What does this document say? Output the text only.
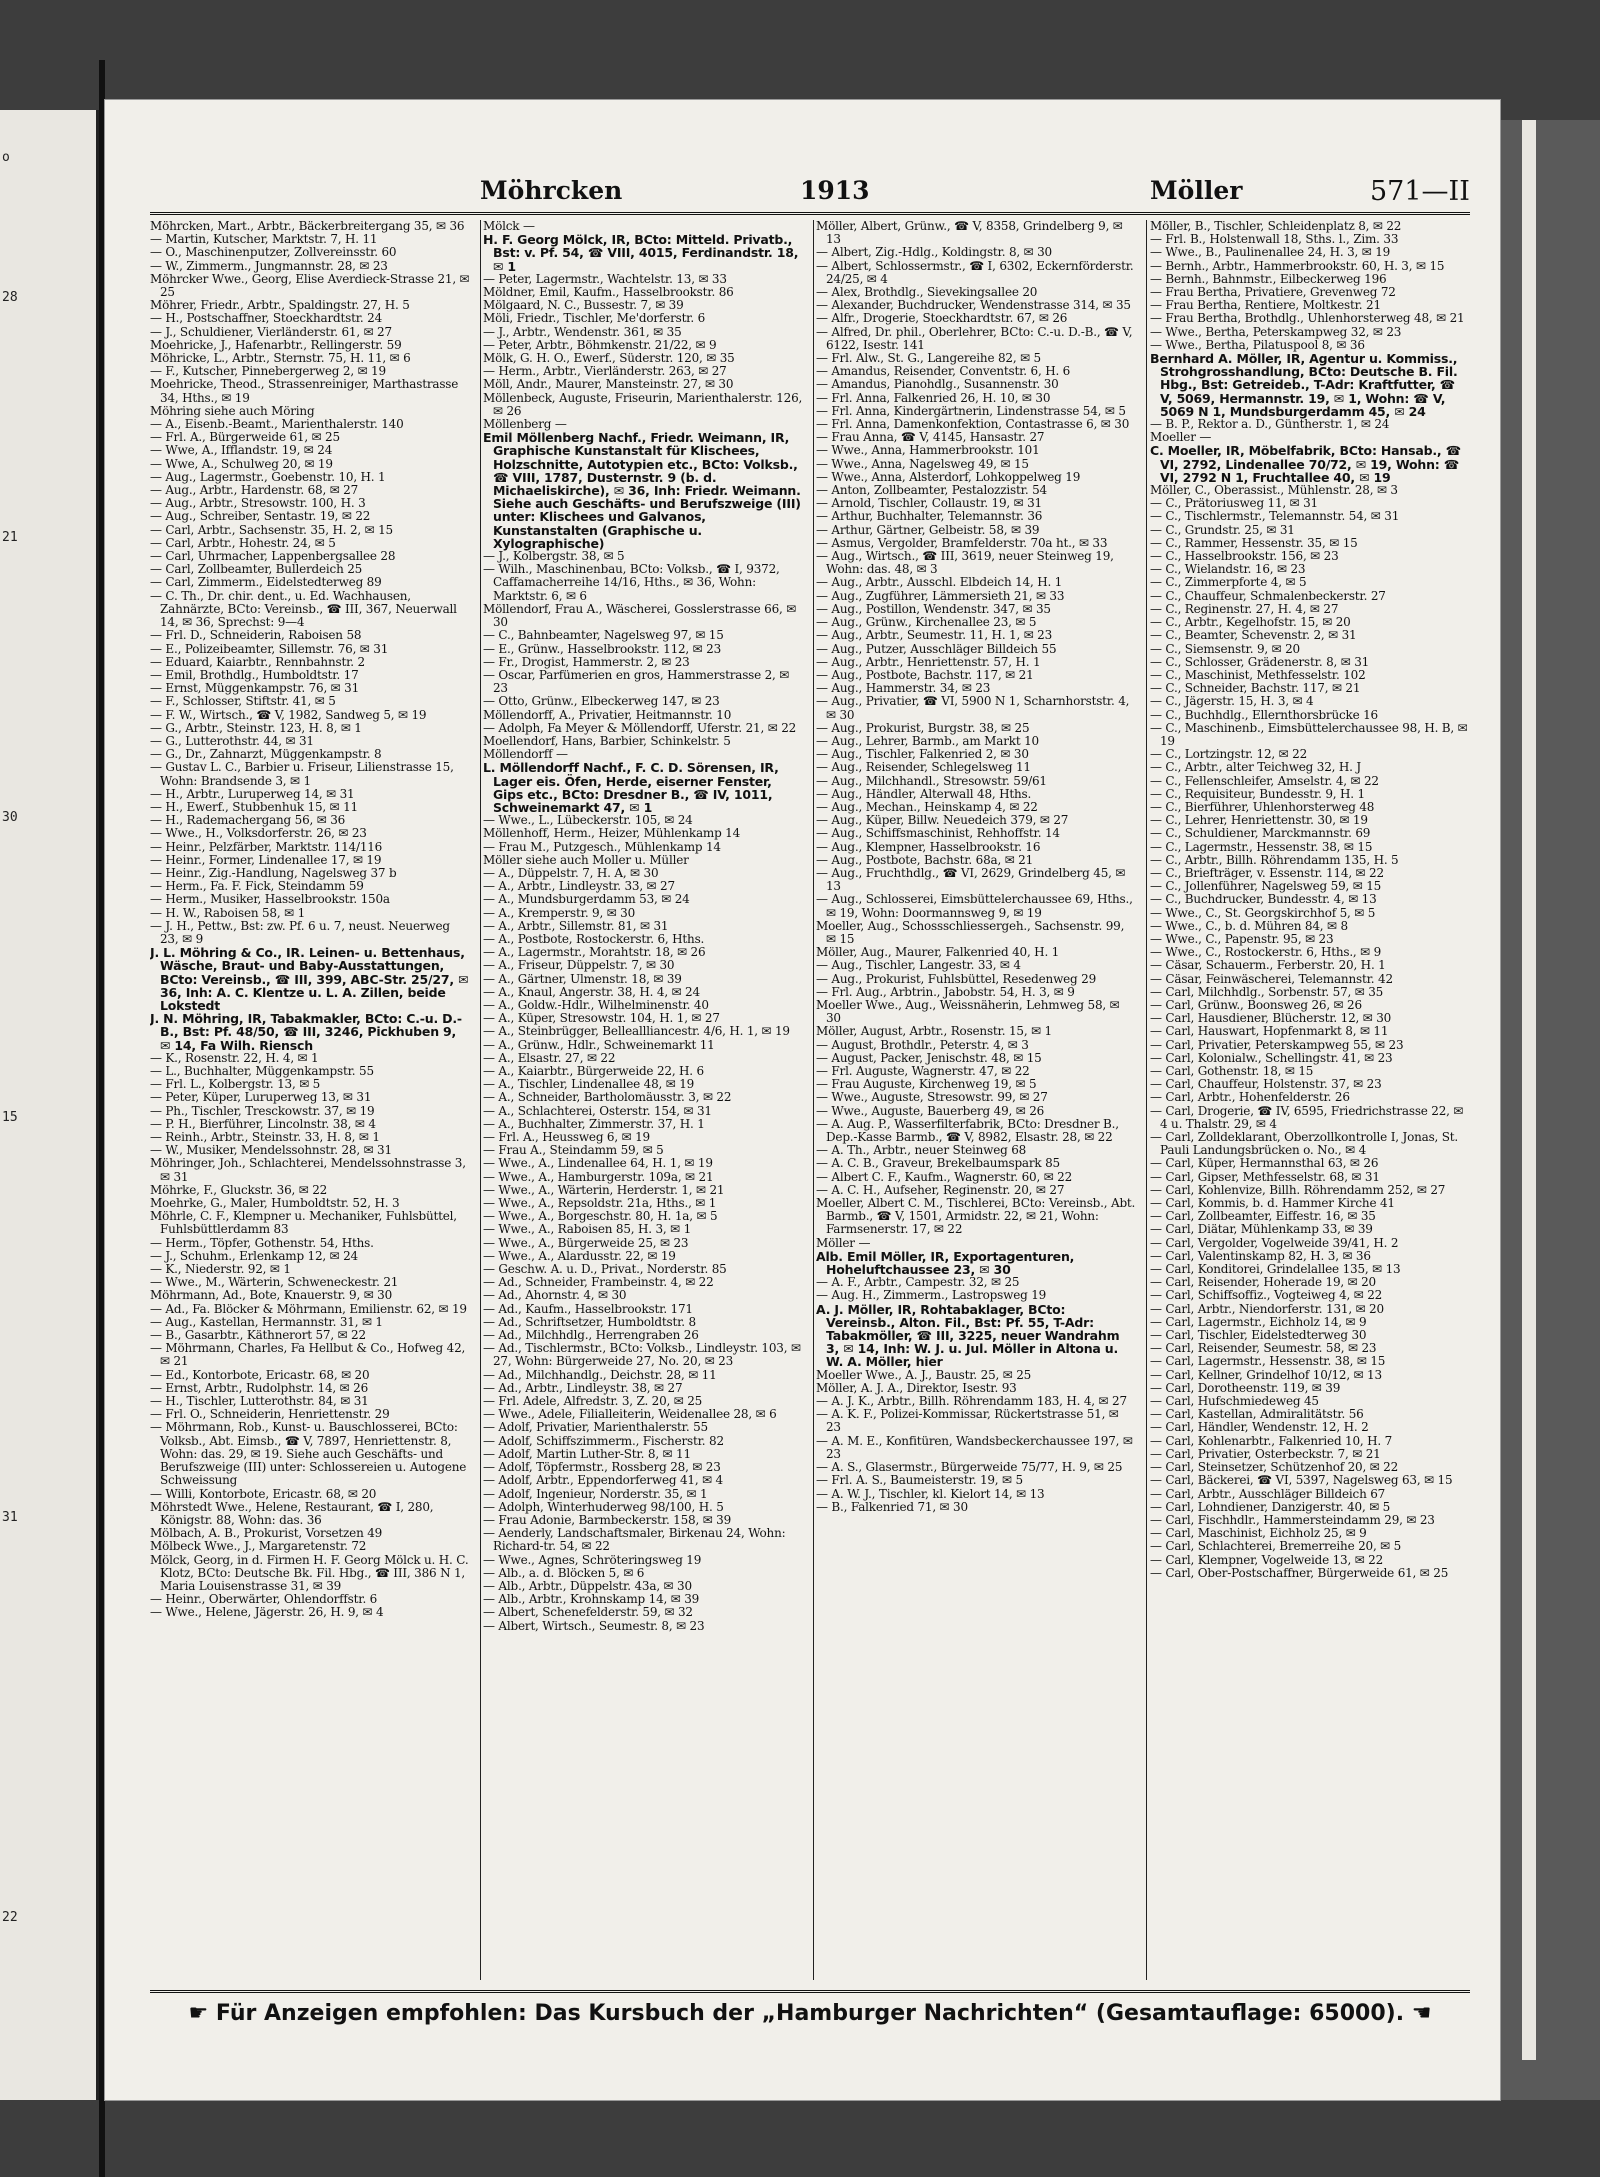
o
28
21
30
15
31
22
Möhrcken	1913	Möller	571—II
Möhrcken, Mart., Arbtr., Bäckerbreitergang 35, ✉ 36
— Martin, Kutscher, Marktstr. 7, H. 11
— O., Maschinenputzer, Zollvereinsstr. 60
— W., Zimmerm., Jungmannstr. 28, ✉ 23
Möhrcker Wwe., Georg, Elise Averdieck-Strasse 21, ✉ 25
Möhrer, Friedr., Arbtr., Spaldingstr. 27, H. 5
— H., Postschaffner, Stoeckhardtstr. 24
— J., Schuldiener, Vierländerstr. 61, ✉ 27
Moehricke, J., Hafenarbtr., Rellingerstr. 59
Möhricke, L., Arbtr., Sternstr. 75, H. 11, ✉ 6
— F., Kutscher, Pinnebergerweg 2, ✉ 19
Moehricke, Theod., Strassenreiniger, Marthastrasse 34, Hths., ✉ 19
Möhring siehe auch Möring
— A., Eisenb.-Beamt., Marienthalerstr. 140
— Frl. A., Bürgerweide 61, ✉ 25
— Wwe, A., Ifflandstr. 19, ✉ 24
— Wwe, A., Schulweg 20, ✉ 19
— Aug., Lagermstr., Goebenstr. 10, H. 1
— Aug., Arbtr., Hardenstr. 68, ✉ 27
— Aug., Arbtr., Stresowstr. 100, H. 3
— Aug., Schreiber, Sentastr. 19, ✉ 22
— Carl, Arbtr., Sachsenstr. 35, H. 2, ✉ 15
— Carl, Arbtr., Hohestr. 24, ✉ 5
— Carl, Uhrmacher, Lappenbergsallee 28
— Carl, Zollbeamter, Bullerdeich 25
— Carl, Zimmerm., Eidelstedterweg 89
— C. Th., Dr. chir. dent., u. Ed. Wachhausen, Zahnärzte, BCto: Vereinsb., ☎ III, 367, Neuerwall 14, ✉ 36, Sprechst: 9—4
— Frl. D., Schneiderin, Raboisen 58
— E., Polizeibeamter, Sillemstr. 76, ✉ 31
— Eduard, Kaiarbtr., Rennbahnstr. 2
— Emil, Brothdlg., Humboldtstr. 17
— Ernst, Müggenkampstr. 76, ✉ 31
— F., Schlosser, Stiftstr. 41, ✉ 5
— F. W., Wirtsch., ☎ V, 1982, Sandweg 5, ✉ 19
— G., Arbtr., Steinstr. 123, H. 8, ✉ 1
— G., Lutterothstr. 44, ✉ 31
— G., Dr., Zahnarzt, Müggenkampstr. 8
— Gustav L. C., Barbier u. Friseur, Lilienstrasse 15, Wohn: Brandsende 3, ✉ 1
— H., Arbtr., Luruperweg 14, ✉ 31
— H., Ewerf., Stubbenhuk 15, ✉ 11
— H., Rademachergang 56, ✉ 36
— Wwe., H., Volksdorferstr. 26, ✉ 23
— Heinr., Pelzfärber, Marktstr. 114/116
— Heinr., Former, Lindenallee 17, ✉ 19
— Heinr., Zig.-Handlung, Nagelsweg 37 b
— Herm., Fa. F. Fick, Steindamm 59
— Herm., Musiker, Hasselbrookstr. 150a
— H. W., Raboisen 58, ✉ 1
— J. H., Pettw., Bst: zw. Pf. 6 u. 7, neust. Neuerweg 23, ✉ 9
J. L. Möhring & Co., IR. Leinen- u. Bettenhaus, Wäsche, Braut- und Baby-Ausstattungen, BCto: Vereinsb., ☎ III, 399, ABC-Str. 25/27, ✉ 36, Inh: A. C. Klentze u. L. A. Zillen, beide Lokstedt
J. N. Möhring, IR, Tabakmakler, BCto: C.-u. D.-B., Bst: Pf. 48/50, ☎ III, 3246, Pickhuben 9, ✉ 14, Fa Wilh. Riensch
— K., Rosenstr. 22, H. 4, ✉ 1
— L., Buchhalter, Müggenkampstr. 55
— Frl. L., Kolbergstr. 13, ✉ 5
— Peter, Küper, Luruperweg 13, ✉ 31
— Ph., Tischler, Tresckowstr. 37, ✉ 19
— P. H., Bierführer, Lincolnstr. 38, ✉ 4
— Reinh., Arbtr., Steinstr. 33, H. 8, ✉ 1
— W., Musiker, Mendelssohnstr. 28, ✉ 31
Möhringer, Joh., Schlachterei, Mendelssohnstrasse 3, ✉ 31
Möhrke, F., Gluckstr. 36, ✉ 22
Moehrke, G., Maler, Humboldtstr. 52, H. 3
Möhrle, C. F., Klempner u. Mechaniker, Fuhlsbüttel, Fuhlsbüttlerdamm 83
— Herm., Töpfer, Gothenstr. 54, Hths.
— J., Schuhm., Erlenkamp 12, ✉ 24
— K., Niederstr. 92, ✉ 1
— Wwe., M., Wärterin, Schweneckestr. 21
Möhrmann, Ad., Bote, Knauerstr. 9, ✉ 30
— Ad., Fa. Blöcker & Möhrmann, Emilienstr. 62, ✉ 19
— Aug., Kastellan, Hermannstr. 31, ✉ 1
— B., Gasarbtr., Käthnerort 57, ✉ 22
— Möhrmann, Charles, Fa Hellbut & Co., Hofweg 42, ✉ 21
— Ed., Kontorbote, Ericastr. 68, ✉ 20
— Ernst, Arbtr., Rudolphstr. 14, ✉ 26
— H., Tischler, Lutterothstr. 84, ✉ 31
— Frl. O., Schneiderin, Henriettenstr. 29
— Möhrmann, Rob., Kunst- u. Bauschlosserei, BCto: Volksb., Abt. Eimsb., ☎ V, 7897, Henriettenstr. 8, Wohn: das. 29, ✉ 19. Siehe auch Geschäfts- und Berufszweige (III) unter: Schlossereien u. Autogene Schweissung
— Willi, Kontorbote, Ericastr. 68, ✉ 20
Möhrstedt Wwe., Helene, Restaurant, ☎ I, 280, Königstr. 88, Wohn: das. 36
Mölbach, A. B., Prokurist, Vorsetzen 49
Mölbeck Wwe., J., Margaretenstr. 72
Mölck, Georg, in d. Firmen H. F. Georg Mölck u. H. C. Klotz, BCto: Deutsche Bk. Fil. Hbg., ☎ III, 386 N 1, Maria Louisenstrasse 31, ✉ 39
— Heinr., Oberwärter, Ohlendorffstr. 6
— Wwe., Helene, Jägerstr. 26, H. 9, ✉ 4
Mölck —
H. F. Georg Mölck, IR, BCto: Mitteld. Privatb., Bst: v. Pf. 54, ☎ VIII, 4015, Ferdinandstr. 18, ✉ 1
— Peter, Lagermstr., Wachtelstr. 13, ✉ 33
Möldner, Emil, Kaufm., Hasselbrookstr. 86
Mölgaard, N. C., Bussestr. 7, ✉ 39
Möli, Friedr., Tischler, Me'dorferstr. 6
— J., Arbtr., Wendenstr. 361, ✉ 35
— Peter, Arbtr., Böhmkenstr. 21/22, ✉ 9
Mölk, G. H. O., Ewerf., Süderstr. 120, ✉ 35
— Herm., Arbtr., Vierländerstr. 263, ✉ 27
Möll, Andr., Maurer, Mansteinstr. 27, ✉ 30
Möllenbeck, Auguste, Friseurin, Marienthalerstr. 126, ✉ 26
Möllenberg —
Emil Möllenberg Nachf., Friedr. Weimann, IR, Graphische Kunstanstalt für Klischees, Holzschnitte, Autotypien etc., BCto: Volksb., ☎ VIII, 1787, Dusternstr. 9 (b. d. Michaeliskirche), ✉ 36, Inh: Friedr. Weimann. Siehe auch Geschäfts- und Berufszweige (III) unter: Klischees und Galvanos, Kunstanstalten (Graphische u. Xylographische)
— J., Kolbergstr. 38, ✉ 5
— Wilh., Maschinenbau, BCto: Volksb., ☎ I, 9372, Caffamacherreihe 14/16, Hths., ✉ 36, Wohn: Marktstr. 6, ✉ 6
Möllendorf, Frau A., Wäscherei, Gosslerstrasse 66, ✉ 30
— C., Bahnbeamter, Nagelsweg 97, ✉ 15
— E., Grünw., Hasselbrookstr. 112, ✉ 23
— Fr., Drogist, Hammerstr. 2, ✉ 23
— Oscar, Parfümerien en gros, Hammerstrasse 2, ✉ 23
— Otto, Grünw., Elbeckerweg 147, ✉ 23
Möllendorff, A., Privatier, Heitmannstr. 10
— Adolph, Fa Meyer & Möllendorff, Uferstr. 21, ✉ 22
Moellendorf, Hans, Barbier, Schinkelstr. 5
Möllendorff —
L. Möllendorff Nachf., F. C. D. Sörensen, IR, Lager eis. Öfen, Herde, eiserner Fenster, Gips etc., BCto: Dresdner B., ☎ IV, 1011, Schweinemarkt 47, ✉ 1
— Wwe., L., Lübeckerstr. 105, ✉ 24
Möllenhoff, Herm., Heizer, Mühlenkamp 14
— Frau M., Putzgesch., Mühlenkamp 14
Möller siehe auch Moller u. Müller
— A., Düppelstr. 7, H. A, ✉ 30
— A., Arbtr., Lindleystr. 33, ✉ 27
— A., Mundsburgerdamm 53, ✉ 24
— A., Kremperstr. 9, ✉ 30
— A., Arbtr., Sillemstr. 81, ✉ 31
— A., Postbote, Rostockerstr. 6, Hths.
— A., Lagermstr., Morahtstr. 18, ✉ 26
— A., Friseur, Düppelstr. 7, ✉ 30
— A., Gärtner, Ulmenstr. 18, ✉ 39
— A., Knaul, Angerstr. 38, H. 4, ✉ 24
— A., Goldw.-Hdlr., Wilhelminenstr. 40
— A., Küper, Stresowstr. 104, H. 1, ✉ 27
— A., Steinbrügger, Belleallliancestr. 4/6, H. 1, ✉ 19
— A., Grünw., Hdlr., Schweinemarkt 11
— A., Elsastr. 27, ✉ 22
— A., Kaiarbtr., Bürgerweide 22, H. 6
— A., Tischler, Lindenallee 48, ✉ 19
— A., Schneider, Bartholomäusstr. 3, ✉ 22
— A., Schlachterei, Osterstr. 154, ✉ 31
— A., Buchhalter, Zimmerstr. 37, H. 1
— Frl. A., Heussweg 6, ✉ 19
— Frau A., Steindamm 59, ✉ 5
— Wwe., A., Lindenallee 64, H. 1, ✉ 19
— Wwe., A., Hamburgerstr. 109a, ✉ 21
— Wwe., A., Wärterin, Herderstr. 1, ✉ 21
— Wwe., A., Repsoldstr. 21a, Hths., ✉ 1
— Wwe., A., Borgeschstr. 80, H. 1a, ✉ 5
— Wwe., A., Raboisen 85, H. 3, ✉ 1
— Wwe., A., Bürgerweide 25, ✉ 23
— Wwe., A., Alardusstr. 22, ✉ 19
— Geschw. A. u. D., Privat., Norderstr. 85
— Ad., Schneider, Frambeinstr. 4, ✉ 22
— Ad., Ahornstr. 4, ✉ 30
— Ad., Kaufm., Hasselbrookstr. 171
— Ad., Schriftsetzer, Humboldtstr. 8
— Ad., Milchhdlg., Herrengraben 26
— Ad., Tischlermstr., BCto: Volksb., Lindleystr. 103, ✉ 27, Wohn: Bürgerweide 27, No. 20, ✉ 23
— Ad., Milchhandlg., Deichstr. 28, ✉ 11
— Ad., Arbtr., Lindleystr. 38, ✉ 27
— Frl. Adele, Alfredstr. 3, Z. 20, ✉ 25
— Wwe., Adele, Filialleiterin, Weidenallee 28, ✉ 6
— Adolf, Privatier, Marienthalerstr. 55
— Adolf, Schiffszimmerm., Fischerstr. 82
— Adolf, Martin Luther-Str. 8, ✉ 11
— Adolf, Töpfermstr., Rossberg 28, ✉ 23
— Adolf, Arbtr., Eppendorferweg 41, ✉ 4
— Adolf, Ingenieur, Norderstr. 35, ✉ 1
— Adolph, Winterhuderweg 98/100, H. 5
— Frau Adonie, Barmbeckerstr. 158, ✉ 39
— Aenderly, Landschaftsmaler, Birkenau 24, Wohn: Richard-tr. 54, ✉ 22
— Wwe., Agnes, Schröteringsweg 19
— Alb., a. d. Blöcken 5, ✉ 6
— Alb., Arbtr., Düppelstr. 43a, ✉ 30
— Alb., Arbtr., Krohnskamp 14, ✉ 39
— Albert, Schenefelderstr. 59, ✉ 32
— Albert, Wirtsch., Seumestr. 8, ✉ 23
Möller, Albert, Grünw., ☎ V, 8358, Grindelberg 9, ✉ 13
— Albert, Zig.-Hdlg., Koldingstr. 8, ✉ 30
— Albert, Schlossermstr., ☎ I, 6302, Eckernförderstr. 24/25, ✉ 4
— Alex, Brothdlg., Sievekingsallee 20
— Alexander, Buchdrucker, Wendenstrasse 314, ✉ 35
— Alfr., Drogerie, Stoeckhardtstr. 67, ✉ 26
— Alfred, Dr. phil., Oberlehrer, BCto: C.-u. D.-B., ☎ V, 6122, Isestr. 141
— Frl. Alw., St. G., Langereihe 82, ✉ 5
— Amandus, Reisender, Conventstr. 6, H. 6
— Amandus, Pianohdlg., Susannenstr. 30
— Frl. Anna, Falkenried 26, H. 10, ✉ 30
— Frl. Anna, Kindergärtnerin, Lindenstrasse 54, ✉ 5
— Frl. Anna, Damenkonfektion, Contastrasse 6, ✉ 30
— Frau Anna, ☎ V, 4145, Hansastr. 27
— Wwe., Anna, Hammerbrookstr. 101
— Wwe., Anna, Nagelsweg 49, ✉ 15
— Wwe., Anna, Alsterdorf, Lohkoppelweg 19
— Anton, Zollbeamter, Pestalozzistr. 54
— Arnold, Tischler, Collaustr. 19, ✉ 31
— Arthur, Buchhalter, Telemannstr. 36
— Arthur, Gärtner, Gelbeistr. 58, ✉ 39
— Asmus, Vergolder, Bramfelderstr. 70a ht., ✉ 33
— Aug., Wirtsch., ☎ III, 3619, neuer Steinweg 19, Wohn: das. 48, ✉ 3
— Aug., Arbtr., Ausschl. Elbdeich 14, H. 1
— Aug., Zugführer, Lämmersieth 21, ✉ 33
— Aug., Postillon, Wendenstr. 347, ✉ 35
— Aug., Grünw., Kirchenallee 23, ✉ 5
— Aug., Arbtr., Seumestr. 11, H. 1, ✉ 23
— Aug., Putzer, Ausschläger Billdeich 55
— Aug., Arbtr., Henriettenstr. 57, H. 1
— Aug., Postbote, Bachstr. 117, ✉ 21
— Aug., Hammerstr. 34, ✉ 23
— Aug., Privatier, ☎ VI, 5900 N 1, Scharnhorststr. 4, ✉ 30
— Aug., Prokurist, Burgstr. 38, ✉ 25
— Aug., Lehrer, Barmb., am Markt 10
— Aug., Tischler, Falkenried 2, ✉ 30
— Aug., Reisender, Schlegelsweg 11
— Aug., Milchhandl., Stresowstr. 59/61
— Aug., Händler, Alterwall 48, Hths.
— Aug., Mechan., Heinskamp 4, ✉ 22
— Aug., Küper, Billw. Neuedeich 379, ✉ 27
— Aug., Schiffsmaschinist, Rehhoffstr. 14
— Aug., Klempner, Hasselbrookstr. 16
— Aug., Postbote, Bachstr. 68a, ✉ 21
— Aug., Fruchthdlg., ☎ VI, 2629, Grindelberg 45, ✉ 13
— Aug., Schlosserei, Eimsbüttelerchaussee 69, Hths., ✉ 19, Wohn: Doormannsweg 9, ✉ 19
Moeller, Aug., Schossschliessergeh., Sachsenstr. 99, ✉ 15
Möller, Aug., Maurer, Falkenried 40, H. 1
— Aug., Tischler, Langestr. 33, ✉ 4
— Aug., Prokurist, Fuhlsbüttel, Resedenweg 29
— Frl. Aug., Arbtrin., Jabobstr. 54, H. 3, ✉ 9
Moeller Wwe., Aug., Weissnäherin, Lehmweg 58, ✉ 30
Möller, August, Arbtr., Rosenstr. 15, ✉ 1
— August, Brothdlr., Peterstr. 4, ✉ 3
— August, Packer, Jenischstr. 48, ✉ 15
— Frl. Auguste, Wagnerstr. 47, ✉ 22
— Frau Auguste, Kirchenweg 19, ✉ 5
— Wwe., Auguste, Stresowstr. 99, ✉ 27
— Wwe., Auguste, Bauerberg 49, ✉ 26
— A. Aug. P., Wasserfilterfabrik, BCto: Dresdner B., Dep.-Kasse Barmb., ☎ V, 8982, Elsastr. 28, ✉ 22
— A. Th., Arbtr., neuer Steinweg 68
— A. C. B., Graveur, Brekelbaumspark 85
— Albert C. F., Kaufm., Wagnerstr. 60, ✉ 22
— A. C. H., Aufseher, Reginenstr. 20, ✉ 27
Moeller, Albert C. M., Tischlerei, BCto: Vereinsb., Abt. Barmb., ☎ V, 1501, Armidstr. 22, ✉ 21, Wohn: Farmsenerstr. 17, ✉ 22
Möller —
Alb. Emil Möller, IR, Exportagenturen, Hoheluftchaussee 23, ✉ 30
— A. F., Arbtr., Campestr. 32, ✉ 25
— Aug. H., Zimmerm., Lastropsweg 19
A. J. Möller, IR, Rohtabaklager, BCto: Vereinsb., Alton. Fil., Bst: Pf. 55, T-Adr: Tabakmöller, ☎ III, 3225, neuer Wandrahm 3, ✉ 14, Inh: W. J. u. Jul. Möller in Altona u. W. A. Möller, hier
Moeller Wwe., A. J., Baustr. 25, ✉ 25
Möller, A. J. A., Direktor, Isestr. 93
— A. J. K., Arbtr., Billh. Röhrendamm 183, H. 4, ✉ 27
— A. K. F., Polizei-Kommissar, Rückertstrasse 51, ✉ 23
— A. M. E., Konfitüren, Wandsbeckerchaussee 197, ✉ 23
— A. S., Glasermstr., Bürgerweide 75/77, H. 9, ✉ 25
— Frl. A. S., Baumeisterstr. 19, ✉ 5
— A. W. J., Tischler, kl. Kielort 14, ✉ 13
— B., Falkenried 71, ✉ 30
Möller, B., Tischler, Schleidenplatz 8, ✉ 22
— Frl. B., Holstenwall 18, Sths. l., Zim. 33
— Wwe., B., Paulinenallee 24, H. 3, ✉ 19
— Bernh., Arbtr., Hammerbrookstr. 60, H. 3, ✉ 15
— Bernh., Bahnmstr., Eilbeckerweg 196
— Frau Bertha, Privatiere, Grevenweg 72
— Frau Bertha, Rentiere, Moltkestr. 21
— Frau Bertha, Brothdlg., Uhlenhorsterweg 48, ✉ 21
— Wwe., Bertha, Peterskampweg 32, ✉ 23
— Wwe., Bertha, Pilatuspool 8, ✉ 36
Bernhard A. Möller, IR, Agentur u. Kommiss., Strohgrosshandlung, BCto: Deutsche B. Fil. Hbg., Bst: Getreideb., T-Adr: Kraftfutter, ☎ V, 5069, Hermannstr. 19, ✉ 1, Wohn: ☎ V, 5069 N 1, Mundsburgerdamm 45, ✉ 24
— B. P., Rektor a. D., Güntherstr. 1, ✉ 24
Moeller —
C. Moeller, IR, Möbelfabrik, BCto: Hansab., ☎ VI, 2792, Lindenallee 70/72, ✉ 19, Wohn: ☎ VI, 2792 N 1, Fruchtallee 40, ✉ 19
Möller, C., Oberassist., Mühlenstr. 28, ✉ 3
— C., Prätoriusweg 11, ✉ 31
— C., Tischlermstr., Telemannstr. 54, ✉ 31
— C., Grundstr. 25, ✉ 31
— C., Rammer, Hessenstr. 35, ✉ 15
— C., Hasselbrookstr. 156, ✉ 23
— C., Wielandstr. 16, ✉ 23
— C., Zimmerpforte 4, ✉ 5
— C., Chauffeur, Schmalenbeckerstr. 27
— C., Reginenstr. 27, H. 4, ✉ 27
— C., Arbtr., Kegelhofstr. 15, ✉ 20
— C., Beamter, Schevenstr. 2, ✉ 31
— C., Siemsenstr. 9, ✉ 20
— C., Schlosser, Grädenerstr. 8, ✉ 31
— C., Maschinist, Methfesselstr. 102
— C., Schneider, Bachstr. 117, ✉ 21
— C., Jägerstr. 15, H. 3, ✉ 4
— C., Buchhdlg., Ellernthorsbrücke 16
— C., Maschinenb., Eimsbüttelerchaussee 98, H. B, ✉ 19
— C., Lortzingstr. 12, ✉ 22
— C., Arbtr., alter Teichweg 32, H. J
— C., Fellenschleifer, Amselstr. 4, ✉ 22
— C., Requisiteur, Bundesstr. 9, H. 1
— C., Bierführer, Uhlenhorsterweg 48
— C., Lehrer, Henriettenstr. 30, ✉ 19
— C., Schuldiener, Marckmannstr. 69
— C., Lagermstr., Hessenstr. 38, ✉ 15
— C., Arbtr., Billh. Röhrendamm 135, H. 5
— C., Briefträger, v. Essenstr. 114, ✉ 22
— C., Jollenführer, Nagelsweg 59, ✉ 15
— C., Buchdrucker, Bundesstr. 4, ✉ 13
— Wwe., C., St. Georgskirchhof 5, ✉ 5
— Wwe., C., b. d. Mühren 84, ✉ 8
— Wwe., C., Papenstr. 95, ✉ 23
— Wwe., C., Rostockerstr. 6, Hths., ✉ 9
— Cäsar, Schauerm., Ferberstr. 20, H. 1
— Cäsar, Feinwäscherei, Telemannstr. 42
— Carl, Milchhdlg., Sorbenstr. 57, ✉ 35
— Carl, Grünw., Boonsweg 26, ✉ 26
— Carl, Hausdiener, Blücherstr. 12, ✉ 30
— Carl, Hauswart, Hopfenmarkt 8, ✉ 11
— Carl, Privatier, Peterskampweg 55, ✉ 23
— Carl, Kolonialw., Schellingstr. 41, ✉ 23
— Carl, Gothenstr. 18, ✉ 15
— Carl, Chauffeur, Holstenstr. 37, ✉ 23
— Carl, Arbtr., Hohenfelderstr. 26
— Carl, Drogerie, ☎ IV, 6595, Friedrichstrasse 22, ✉ 4 u. Thalstr. 29, ✉ 4
— Carl, Zolldeklarant, Oberzollkontrolle I, Jonas, St. Pauli Landungsbrücken o. No., ✉ 4
— Carl, Küper, Hermannsthal 63, ✉ 26
— Carl, Gipser, Methfesselstr. 68, ✉ 31
— Carl, Kohlenvize, Billh. Röhrendamm 252, ✉ 27
— Carl, Kommis, b. d. Hammer Kirche 41
— Carl, Zollbeamter, Eiffestr. 16, ✉ 35
— Carl, Diätar, Mühlenkamp 33, ✉ 39
— Carl, Vergolder, Vogelweide 39/41, H. 2
— Carl, Valentinskamp 82, H. 3, ✉ 36
— Carl, Konditorei, Grindelallee 135, ✉ 13
— Carl, Reisender, Hoheradе 19, ✉ 20
— Carl, Schiffsoffiz., Vogteiweg 4, ✉ 22
— Carl, Arbtr., Niendorferstr. 131, ✉ 20
— Carl, Lagermstr., Eichholz 14, ✉ 9
— Carl, Tischler, Eidelstedterweg 30
— Carl, Reisender, Seumestr. 58, ✉ 23
— Carl, Lagermstr., Hessenstr. 38, ✉ 15
— Carl, Kellner, Grindelhof 10/12, ✉ 13
— Carl, Dorotheenstr. 119, ✉ 39
— Carl, Hufschmiedeweg 45
— Carl, Kastellan, Admiralitätstr. 56
— Carl, Händler, Wendenstr. 12, H. 2
— Carl, Kohlenarbtr., Falkenried 10, H. 7
— Carl, Privatier, Osterbeckstr. 7, ✉ 21
— Carl, Steinsetzer, Schützenhof 20, ✉ 22
— Carl, Bäckerei, ☎ VI, 5397, Nagelsweg 63, ✉ 15
— Carl, Arbtr., Ausschläger Billdeich 67
— Carl, Lohndiener, Danzigerstr. 40, ✉ 5
— Carl, Fischhdlr., Hammersteindamm 29, ✉ 23
— Carl, Maschinist, Eichholz 25, ✉ 9
— Carl, Schlachterei, Bremerreihe 20, ✉ 5
— Carl, Klempner, Vogelweide 13, ✉ 22
— Carl, Ober-Postschaffner, Bürgerweide 61, ✉ 25
☛ Für Anzeigen empfohlen: Das Kursbuch der „Hamburger Nachrichten“ (Gesamtauflage: 65000). ☚
